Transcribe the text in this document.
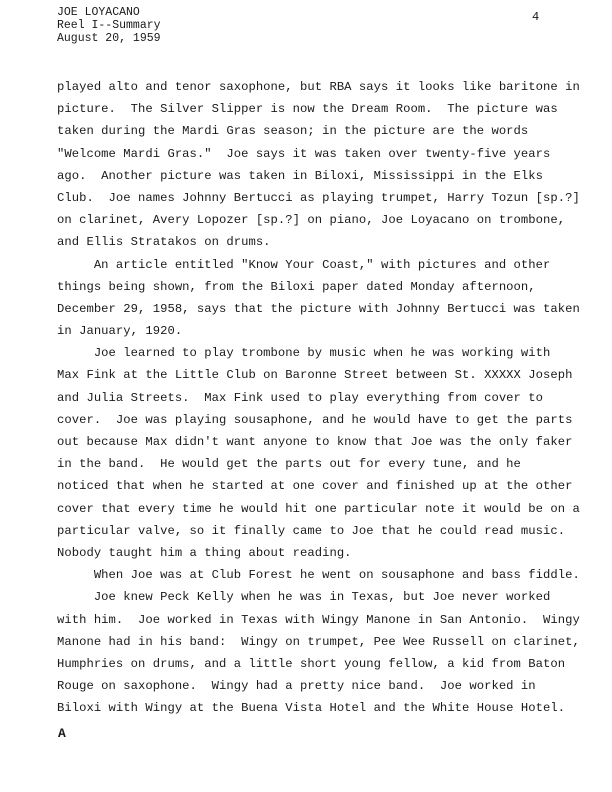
JOE LOYACANO
Reel I--Summary
August 20, 1959
4
played alto and tenor saxophone, but RBA says it looks like baritone in
picture.  The Silver Slipper is now the Dream Room.  The picture was
taken during the Mardi Gras season; in the picture are the words
"Welcome Mardi Gras."  Joe says it was taken over twenty-five years
ago.  Another picture was taken in Biloxi, Mississippi in the Elks
Club.  Joe names Johnny Bertucci as playing trumpet, Harry Tozun [sp.?]
on clarinet, Avery Lopozer [sp.?] on piano, Joe Loyacano on trombone,
and Ellis Stratakos on drums.
An article entitled "Know Your Coast," with pictures and other
things being shown, from the Biloxi paper dated Monday afternoon,
December 29, 1958, says that the picture with Johnny Bertucci was taken
in January, 1920.
Joe learned to play trombone by music when he was working with
Max Fink at the Little Club on Baronne Street between St. XXXXX Joseph
and Julia Streets.  Max Fink used to play everything from cover to
cover.  Joe was playing sousaphone, and he would have to get the parts
out because Max didn't want anyone to know that Joe was the only faker
in the band.  He would get the parts out for every tune, and he
noticed that when he started at one cover and finished up at the other
cover that every time he would hit one particular note it would be on a
particular valve, so it finally came to Joe that he could read music.
Nobody taught him a thing about reading.
When Joe was at Club Forest he went on sousaphone and bass fiddle.
Joe knew Peck Kelly when he was in Texas, but Joe never worked
with him.  Joe worked in Texas with Wingy Manone in San Antonio.  Wingy
Manone had in his band:  Wingy on trumpet, Pee Wee Russell on clarinet,
Humphries on drums, and a little short young fellow, a kid from Baton
Rouge on saxophone.  Wingy had a pretty nice band.  Joe worked in
Biloxi with Wingy at the Buena Vista Hotel and the White House Hotel.
A
